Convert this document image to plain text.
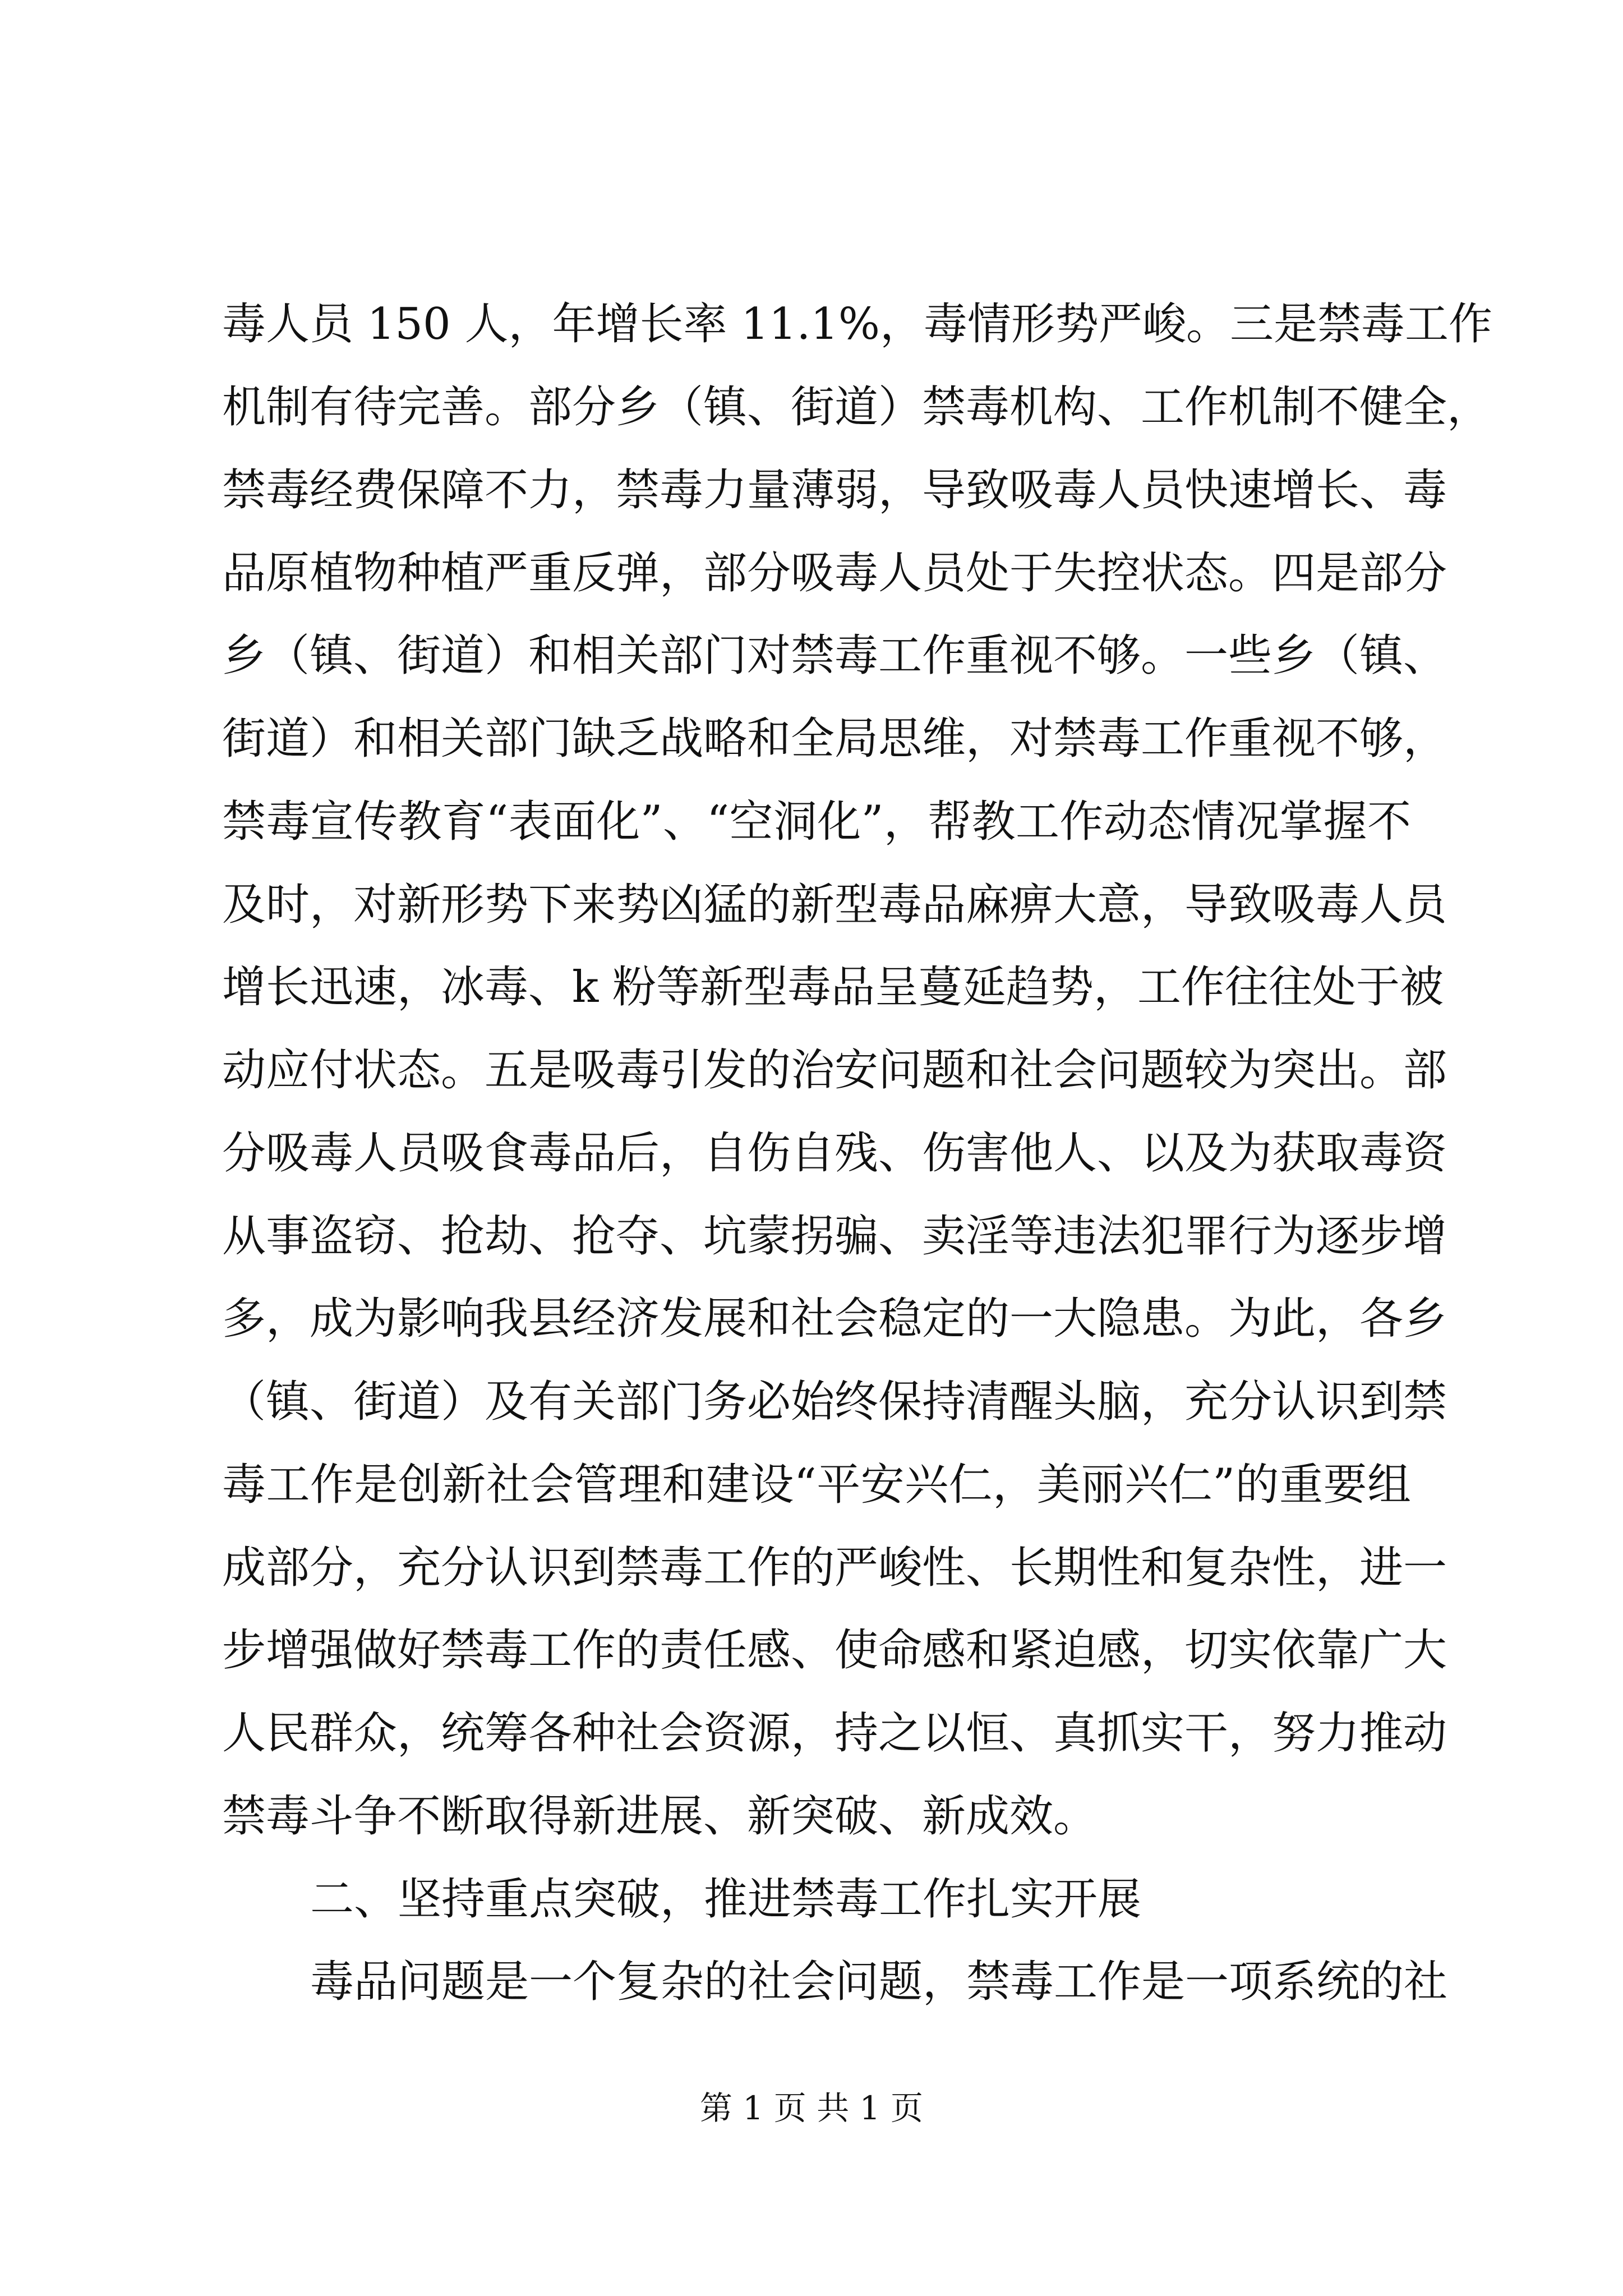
毒人员 150 人，年增长率 11.1%，毒情形势严峻。三是禁毒工作
机制有待完善。部分乡（镇、街道）禁毒机构、工作机制不健全，
禁毒经费保障不力，禁毒力量薄弱，导致吸毒人员快速增长、毒
品原植物种植严重反弹，部分吸毒人员处于失控状态。四是部分
乡（镇、街道）和相关部门对禁毒工作重视不够。一些乡（镇、
街道）和相关部门缺乏战略和全局思维，对禁毒工作重视不够，
禁毒宣传教育“表面化”、“空洞化”，帮教工作动态情况掌握不
及时，对新形势下来势凶猛的新型毒品麻痹大意，导致吸毒人员
增长迅速，冰毒、k 粉等新型毒品呈蔓延趋势，工作往往处于被
动应付状态。五是吸毒引发的治安问题和社会问题较为突出。部
分吸毒人员吸食毒品后，自伤自残、伤害他人、以及为获取毒资
从事盗窃、抢劫、抢夺、坑蒙拐骗、卖淫等违法犯罪行为逐步增
多，成为影响我县经济发展和社会稳定的一大隐患。为此，各乡
（镇、街道）及有关部门务必始终保持清醒头脑，充分认识到禁
毒工作是创新社会管理和建设“平安兴仁，美丽兴仁”的重要组
成部分，充分认识到禁毒工作的严峻性、长期性和复杂性，进一
步增强做好禁毒工作的责任感、使命感和紧迫感，切实依靠广大
人民群众，统筹各种社会资源，持之以恒、真抓实干，努力推动
禁毒斗争不断取得新进展、新突破、新成效。
二、坚持重点突破，推进禁毒工作扎实开展
毒品问题是一个复杂的社会问题，禁毒工作是一项系统的社
第 1 页 共 1 页
